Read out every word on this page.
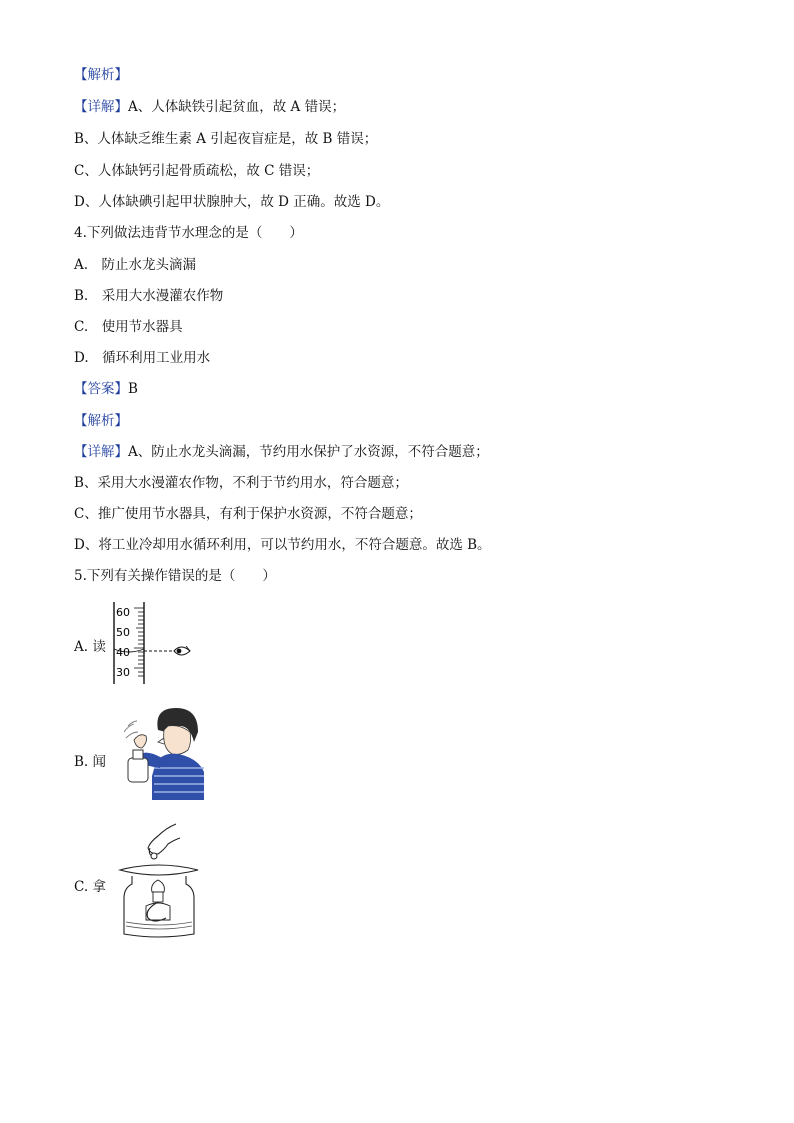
【解析】
【详解】A、人体缺铁引起贫血，故 A 错误；
B、人体缺乏维生素 A 引起夜盲症是，故 B 错误；
C、人体缺钙引起骨质疏松，故 C 错误；
D、人体缺碘引起甲状腺肿大，故 D 正确。故选 D。
4.下列做法违背节水理念的是（　　）
A.　防止水龙头滴漏
B.　采用大水漫灌农作物
C.　使用节水器具
D.　循环利用工业用水
【答案】B
【解析】
【详解】A、防止水龙头滴漏，节约用水保护了水资源，不符合题意；
B、采用大水漫灌农作物，不利于节约用水，符合题意；
C、推广使用节水器具，有利于保护水资源，不符合题意；
D、将工业冷却用水循环利用，可以节约用水，不符合题意。故选 B。
5.下列有关操作错误的是（　　）
A. 读
60
50
40
30
B. 闻
C. 拿
